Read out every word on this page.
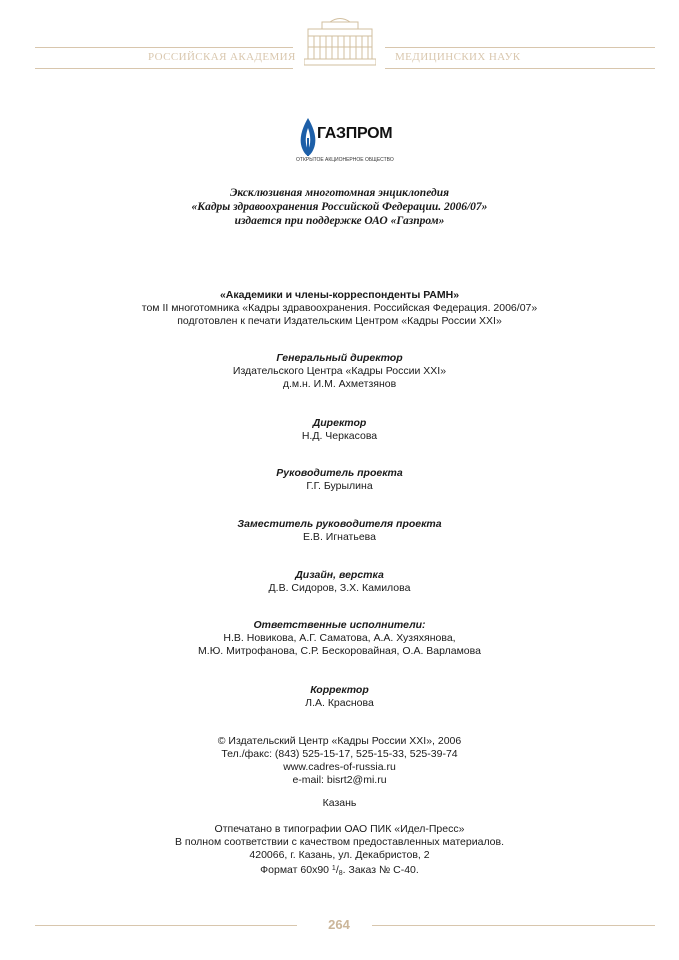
РОССИЙСКАЯ АКАДЕМИЯ	МЕДИЦИНСКИХ НАУК
ГАЗПРОМ
ОТКРЫТОЕ АКЦИОНЕРНОЕ ОБЩЕСТВО
Эксклюзивная многотомная энциклопедия
«Кадры здравоохранения Российской Федерации. 2006/07»
издается при поддержке ОАО «Газпром»
«Академики и члены-корреспонденты РАМН»
том II многотомника «Кадры здравоохранения. Российская Федерация. 2006/07»
подготовлен к печати Издательским Центром «Кадры России XXI»
Генеральный директор
Издательского Центра «Кадры России XXI»
д.м.н. И.М. Ахметзянов
Директор
Н.Д. Черкасова
Руководитель проекта
Г.Г. Бурылина
Заместитель руководителя проекта
Е.В. Игнатьева
Дизайн, верстка
Д.В. Сидоров, З.Х. Камилова
Ответственные исполнители:
Н.В. Новикова, А.Г. Саматова, А.А. Хузяхянова,
М.Ю. Митрофанова, С.Р. Бескоровайная, О.А. Варламова
Корректор
Л.А. Краснова
© Издательский Центр «Кадры России XXI», 2006
Тел./факс: (843) 525-15-17, 525-15-33, 525-39-74
www.cadres-of-russia.ru
e-mail: bisrt2@mi.ru
Казань
Отпечатано в типографии ОАО ПИК «Идел-Пресс»
В полном соответствии с качеством предоставленных материалов.
420066, г. Казань, ул. Декабристов, 2
Формат 60х90 $^1/_8$. Заказ № С-40.
264
